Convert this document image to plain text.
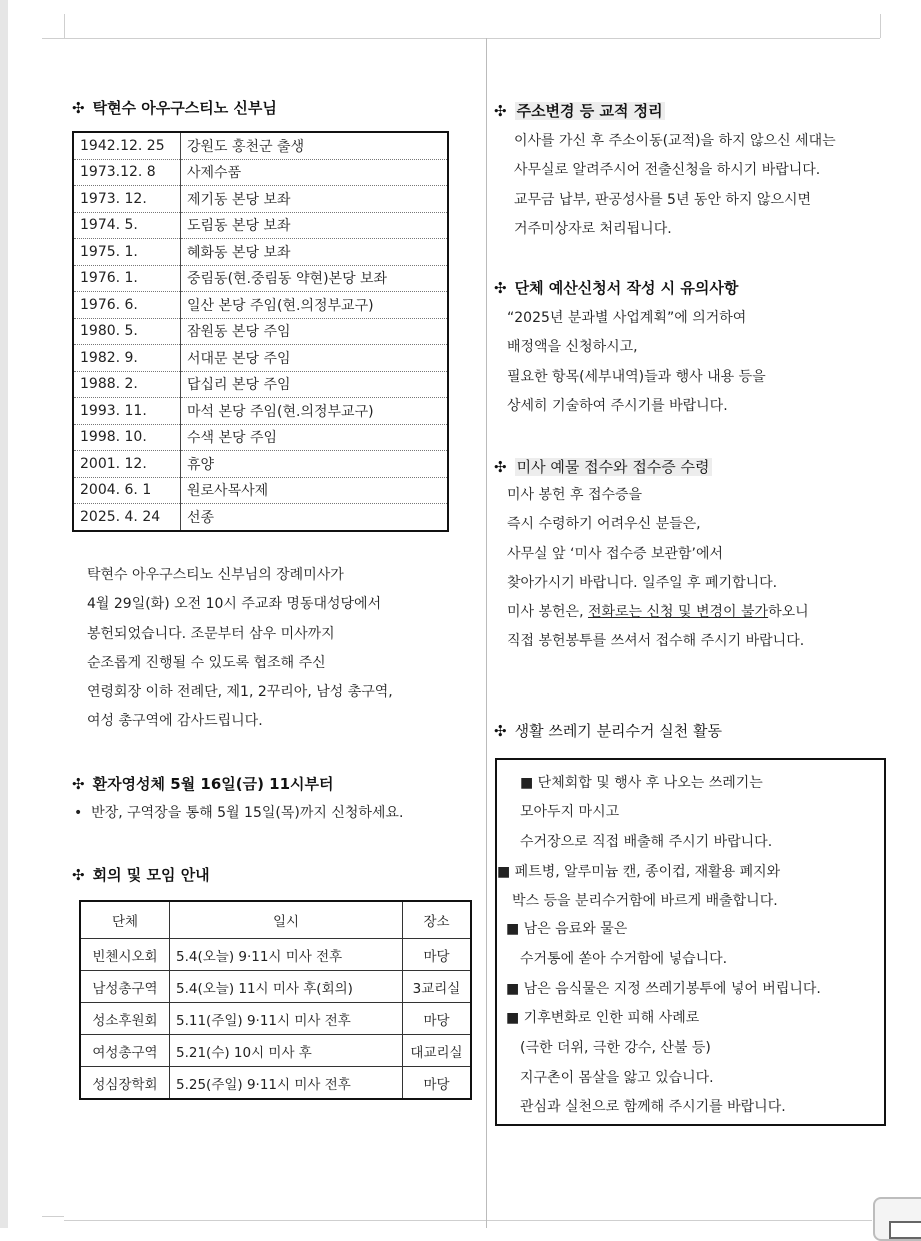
✣ 탁현수 아우구스티노 신부님
1942.12. 25	강원도 홍천군 출생
1973.12. 8	사제수품
1973. 12.	제기동 본당 보좌
1974. 5.	도림동 본당 보좌
1975. 1.	혜화동 본당 보좌
1976. 1.	중림동(현.중림동 약현)본당 보좌
1976. 6.	일산 본당 주임(현.의정부교구)
1980. 5.	잠원동 본당 주임
1982. 9.	서대문 본당 주임
1988. 2.	답십리 본당 주임
1993. 11.	마석 본당 주임(현.의정부교구)
1998. 10.	수색 본당 주임
2001. 12.	휴양
2004. 6. 1	원로사목사제
2025. 4. 24	선종
탁현수 아우구스티노 신부님의 장례미사가
4월 29일(화) 오전 10시 주교좌 명동대성당에서
봉헌되었습니다. 조문부터 삼우 미사까지
순조롭게 진행될 수 있도록 협조해 주신
연령회장 이하 전례단, 제1, 2꾸리아, 남성 총구역,
여성 총구역에 감사드립니다.
✣ 환자영성체 5월 16일(금) 11시부터
• 반장, 구역장을 통해 5월 15일(목)까지 신청하세요.
✣ 회의 및 모임 안내
단체	일시	장소
빈첸시오회	5.4(오늘) 9·11시 미사 전후	마당
남성총구역	5.4(오늘) 11시 미사 후(회의)	3교리실
성소후원회	5.11(주일) 9·11시 미사 전후	마당
여성총구역	5.21(수) 10시 미사 후	대교리실
성심장학회	5.25(주일) 9·11시 미사 전후	마당
✣ 주소변경 등 교적 정리
이사를 가신 후 주소이동(교적)을 하지 않으신 세대는
사무실로 알려주시어 전출신청을 하시기 바랍니다.
교무금 납부, 판공성사를 5년 동안 하지 않으시면
거주미상자로 처리됩니다.
✣ 단체 예산신청서 작성 시 유의사항
“2025년 분과별 사업계획”에 의거하여
배정액을 신청하시고,
필요한 항목(세부내역)들과 행사 내용 등을
상세히 기술하여 주시기를 바랍니다.
✣ 미사 예물 접수와 접수증 수령
미사 봉헌 후 접수증을
즉시 수령하기 어려우신 분들은,
사무실 앞 ‘미사 접수증 보관함’에서
찾아가시기 바랍니다. 일주일 후 폐기합니다.
미사 봉헌은, 전화로는 신청 및 변경이 불가하오니
직접 봉헌봉투를 쓰셔서 접수해 주시기 바랍니다.
✣ 생활 쓰레기 분리수거 실천 활동
■ 단체회합 및 행사 후 나오는 쓰레기는
모아두지 마시고
수거장으로 직접 배출해 주시기 바랍니다.
■ 페트병, 알루미늄 캔, 종이컵, 재활용 폐지와
박스 등을 분리수거함에 바르게 배출합니다.
■ 남은 음료와 물은
수거통에 쏟아 수거함에 넣습니다.
■ 남은 음식물은 지정 쓰레기봉투에 넣어 버립니다.
■ 기후변화로 인한 피해 사례로
(극한 더위, 극한 강수, 산불 등)
지구촌이 몸살을 앓고 있습니다.
관심과 실천으로 함께해 주시기를 바랍니다.
